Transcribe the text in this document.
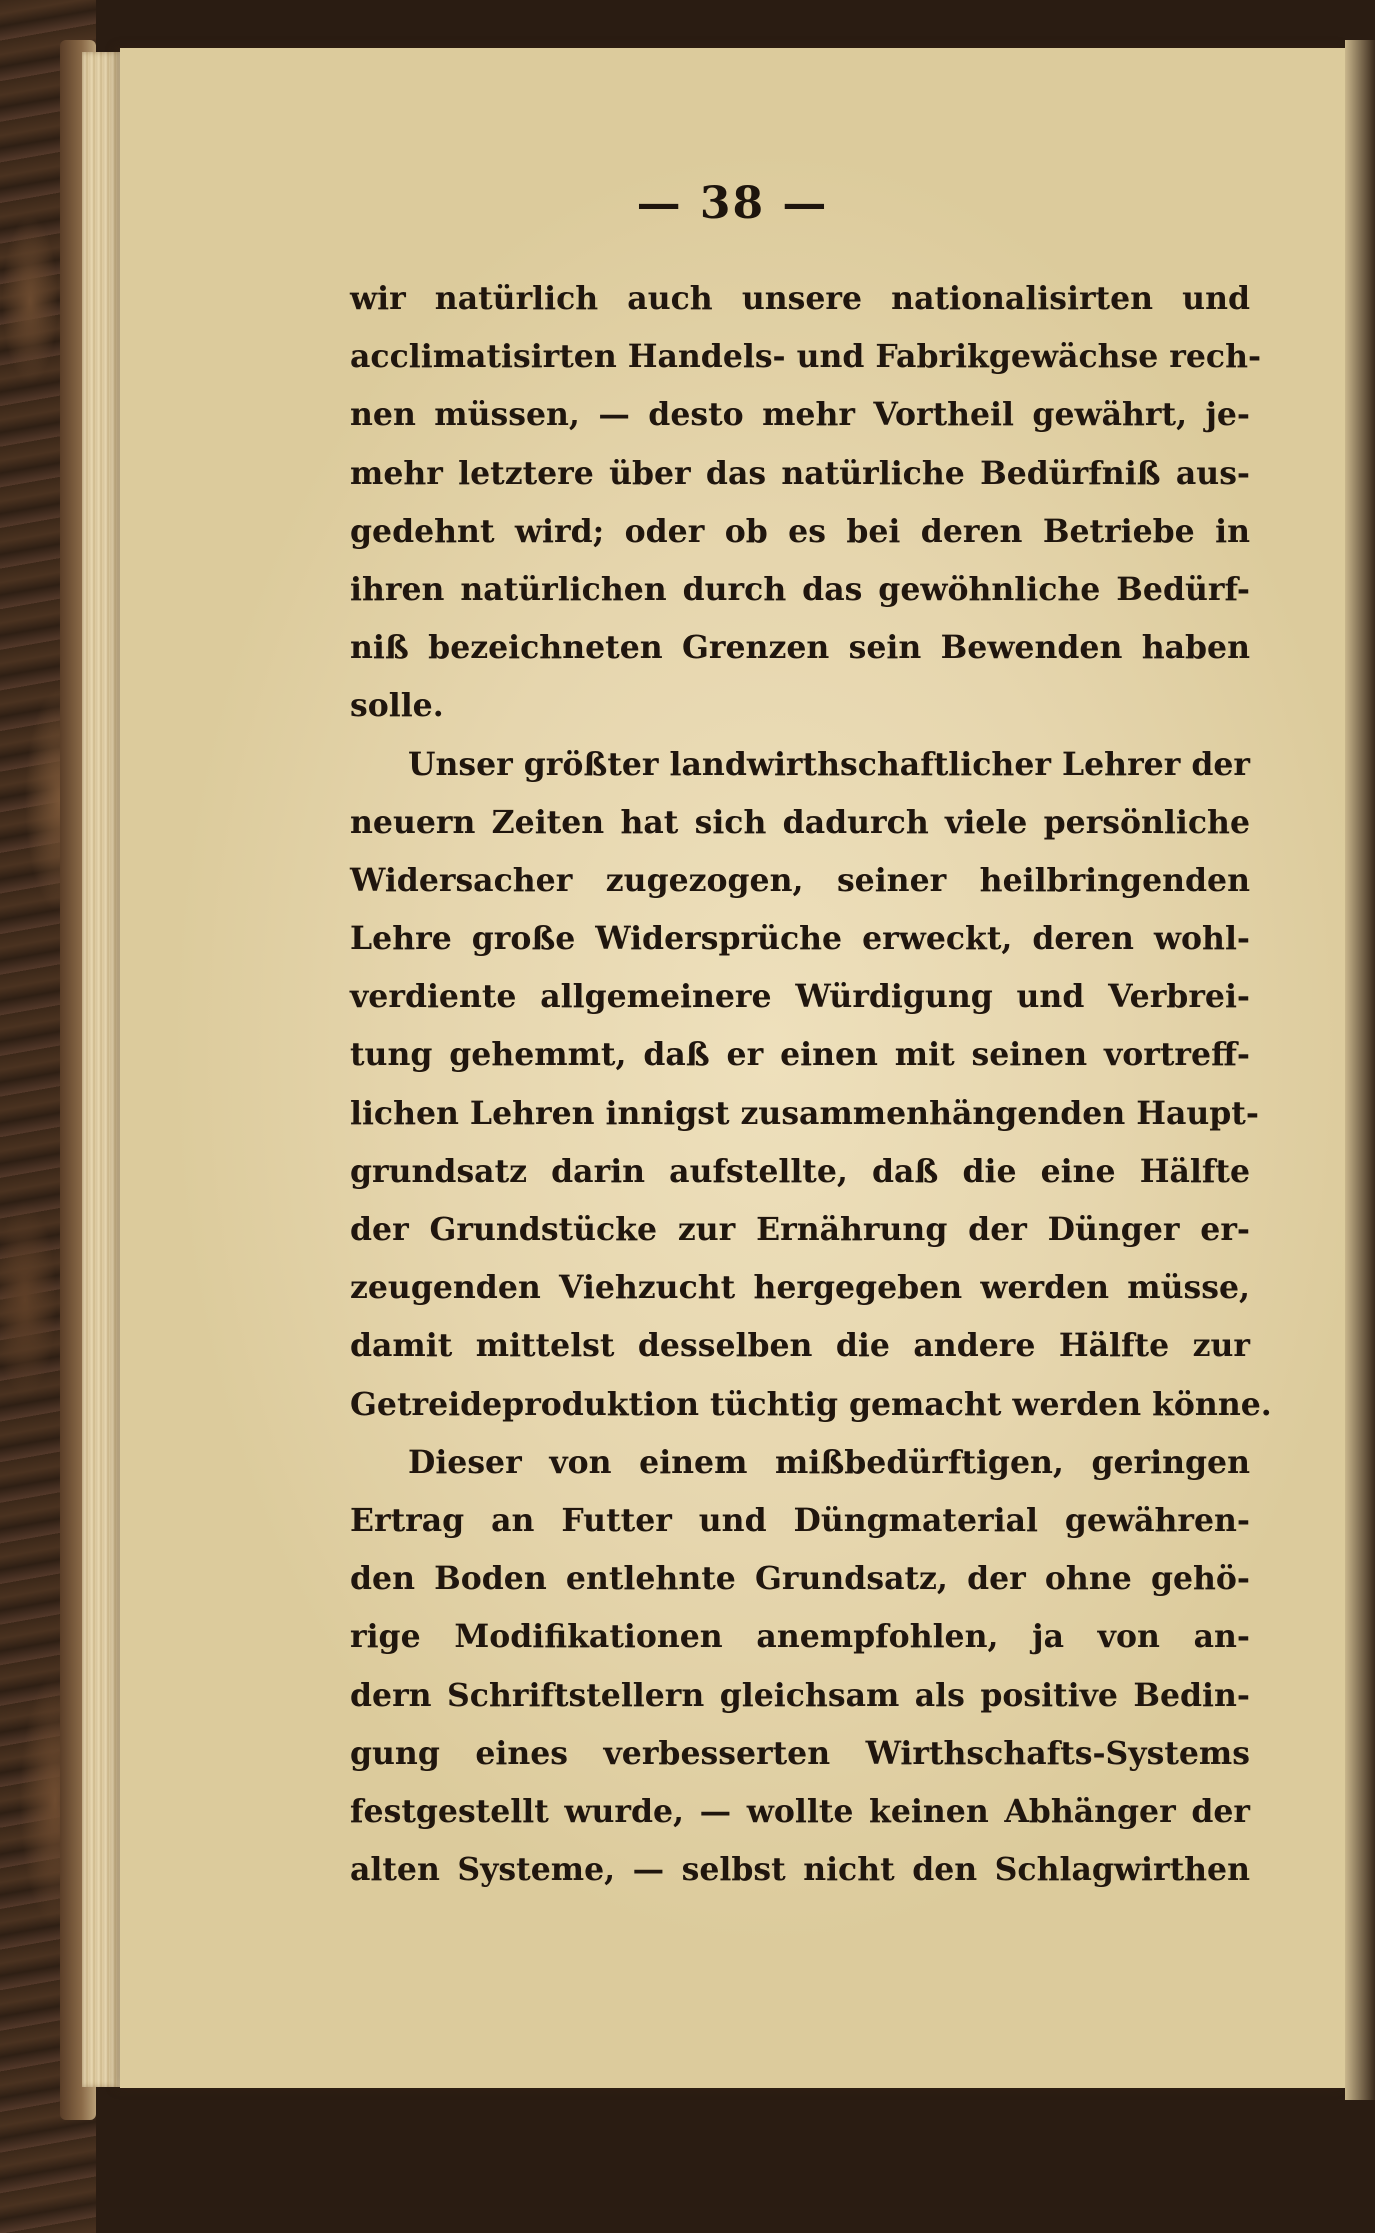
— 38 —
wir natürlich auch unsere nationalisirten und
acclimatisirten Handels- und Fabrikgewächse rech-
nen müssen, — desto mehr Vortheil gewährt, je-
mehr letztere über das natürliche Bedürfniß aus-
gedehnt wird; oder ob es bei deren Betriebe in
ihren natürlichen durch das gewöhnliche Bedürf-
niß bezeichneten Grenzen sein Bewenden haben
solle.
Unser größter landwirthschaftlicher Lehrer der
neuern Zeiten hat sich dadurch viele persönliche
Widersacher zugezogen, seiner heilbringenden
Lehre große Widersprüche erweckt, deren wohl-
verdiente allgemeinere Würdigung und Verbrei-
tung gehemmt, daß er einen mit seinen vortreff-
lichen Lehren innigst zusammenhängenden Haupt-
grundsatz darin aufstellte, daß die eine Hälfte
der Grundstücke zur Ernährung der Dünger er-
zeugenden Viehzucht hergegeben werden müsse,
damit mittelst desselben die andere Hälfte zur
Getreideproduktion tüchtig gemacht werden könne.
Dieser von einem mißbedürftigen, geringen
Ertrag an Futter und Düngmaterial gewähren-
den Boden entlehnte Grundsatz, der ohne gehö-
rige Modifikationen anempfohlen, ja von an-
dern Schriftstellern gleichsam als positive Bedin-
gung eines verbesserten Wirthschafts-Systems
festgestellt wurde, — wollte keinen Abhänger der
alten Systeme, — selbst nicht den Schlagwirthen
